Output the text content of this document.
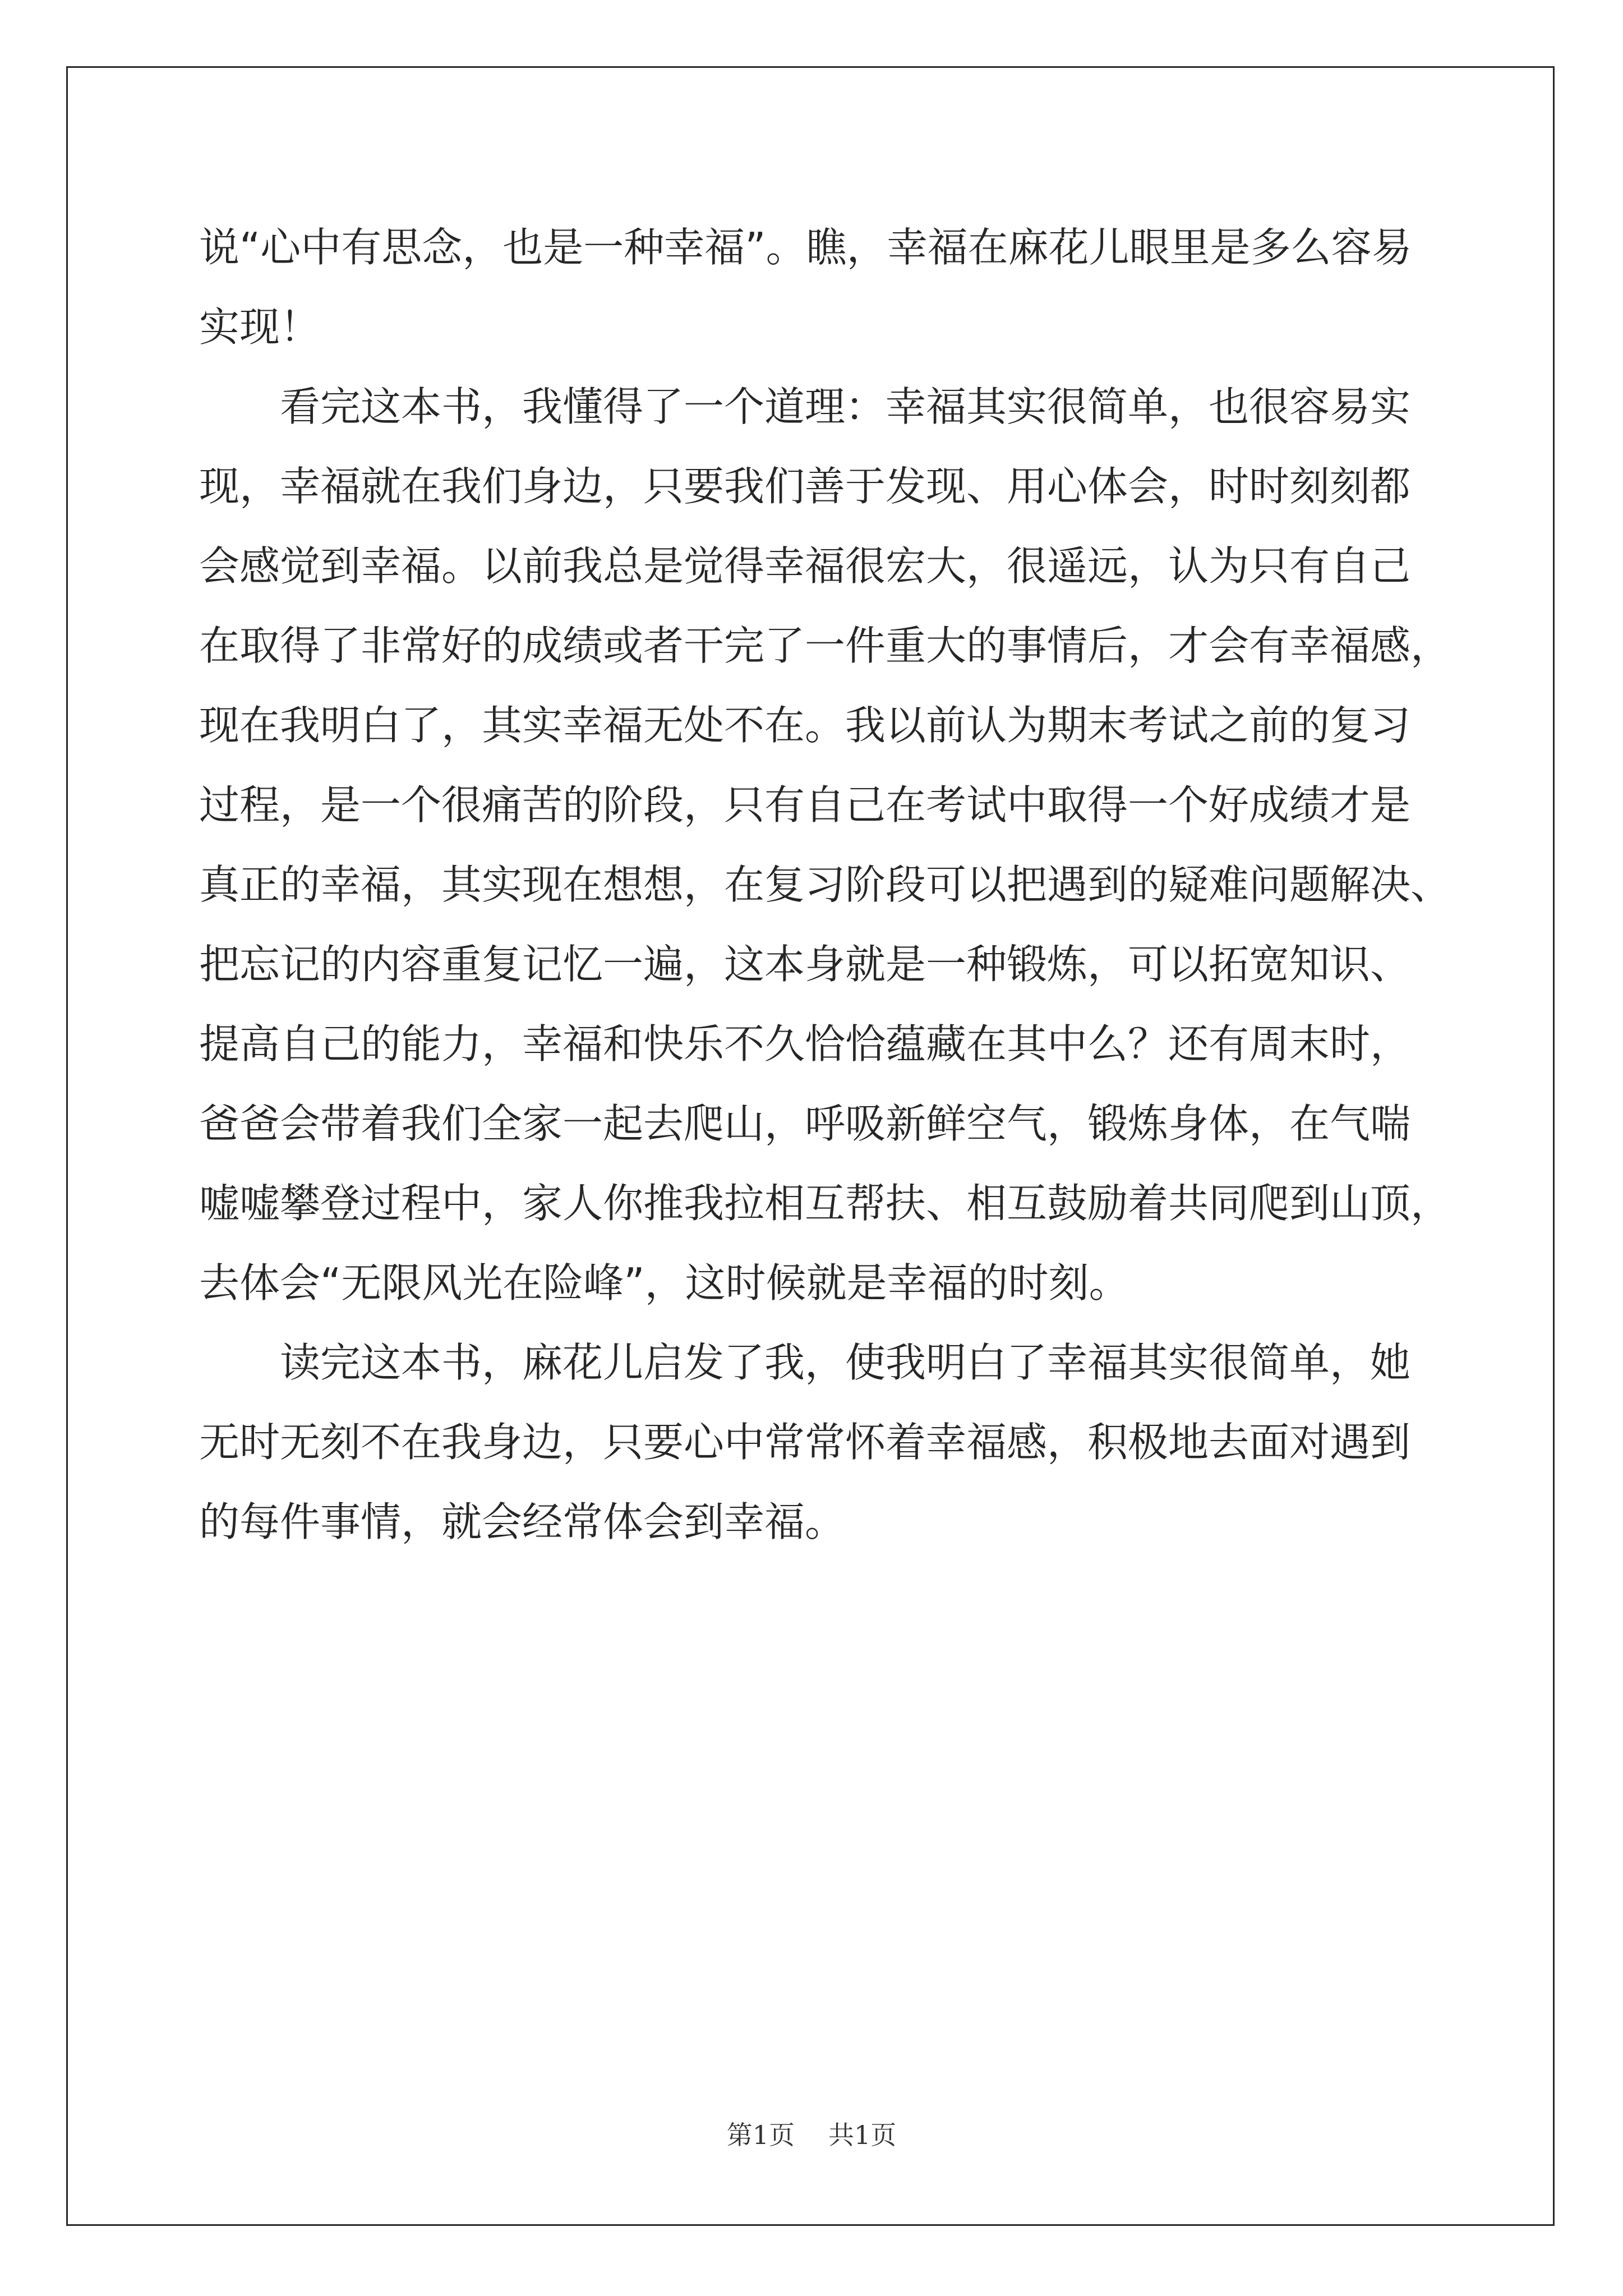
说“心中有思念，也是一种幸福”。瞧，幸福在麻花儿眼里是多么容易
实现！
看完这本书，我懂得了一个道理：幸福其实很简单，也很容易实
现，幸福就在我们身边，只要我们善于发现、用心体会，时时刻刻都
会感觉到幸福。以前我总是觉得幸福很宏大，很遥远，认为只有自己
在取得了非常好的成绩或者干完了一件重大的事情后，才会有幸福感，
现在我明白了，其实幸福无处不在。我以前认为期末考试之前的复习
过程，是一个很痛苦的阶段，只有自己在考试中取得一个好成绩才是
真正的幸福，其实现在想想，在复习阶段可以把遇到的疑难问题解决、
把忘记的内容重复记忆一遍，这本身就是一种锻炼，可以拓宽知识、
提高自己的能力，幸福和快乐不久恰恰蕴藏在其中么？还有周末时，
爸爸会带着我们全家一起去爬山，呼吸新鲜空气，锻炼身体，在气喘
嘘嘘攀登过程中，家人你推我拉相互帮扶、相互鼓励着共同爬到山顶，
去体会“无限风光在险峰”，这时候就是幸福的时刻。
读完这本书，麻花儿启发了我，使我明白了幸福其实很简单，她
无时无刻不在我身边，只要心中常常怀着幸福感，积极地去面对遇到
的每件事情，就会经常体会到幸福。
第1页 共1页
